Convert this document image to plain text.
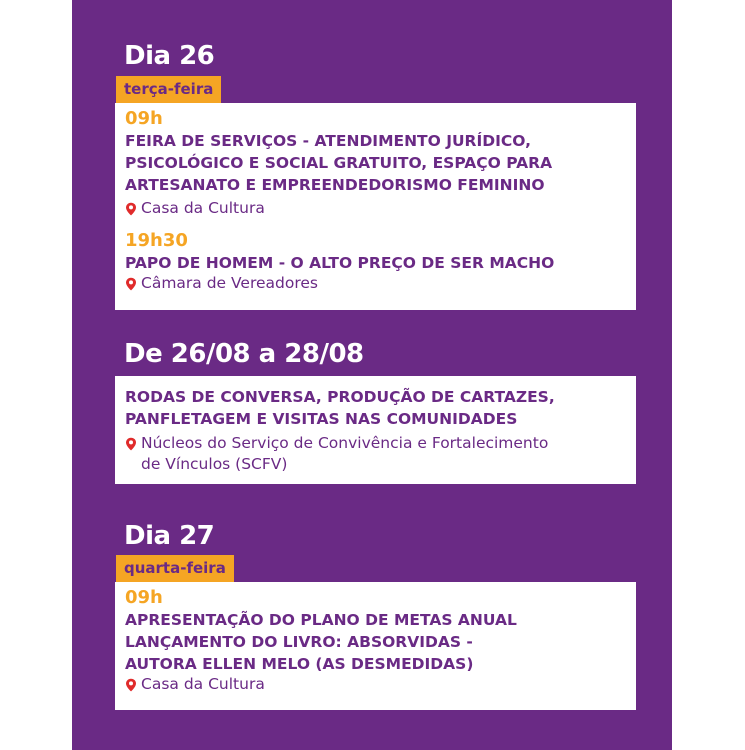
Dia 26
terça-feira
09h
FEIRA DE SERVIÇOS - ATENDIMENTO JURÍDICO,
PSICOLÓGICO E SOCIAL GRATUITO, ESPAÇO PARA
ARTESANATO E EMPREENDEDORISMO FEMININO
Casa da Cultura
19h30
PAPO DE HOMEM - O ALTO PREÇO DE SER MACHO
Câmara de Vereadores
De 26/08 a 28/08
RODAS DE CONVERSA, PRODUÇÃO DE CARTAZES,
PANFLETAGEM E VISITAS NAS COMUNIDADES
Núcleos do Serviço de Convivência e Fortalecimento
de Vínculos (SCFV)
Dia 27
quarta-feira
09h
APRESENTAÇÃO DO PLANO DE METAS ANUAL
LANÇAMENTO DO LIVRO: ABSORVIDAS -
AUTORA ELLEN MELO (AS DESMEDIDAS)
Casa da Cultura
